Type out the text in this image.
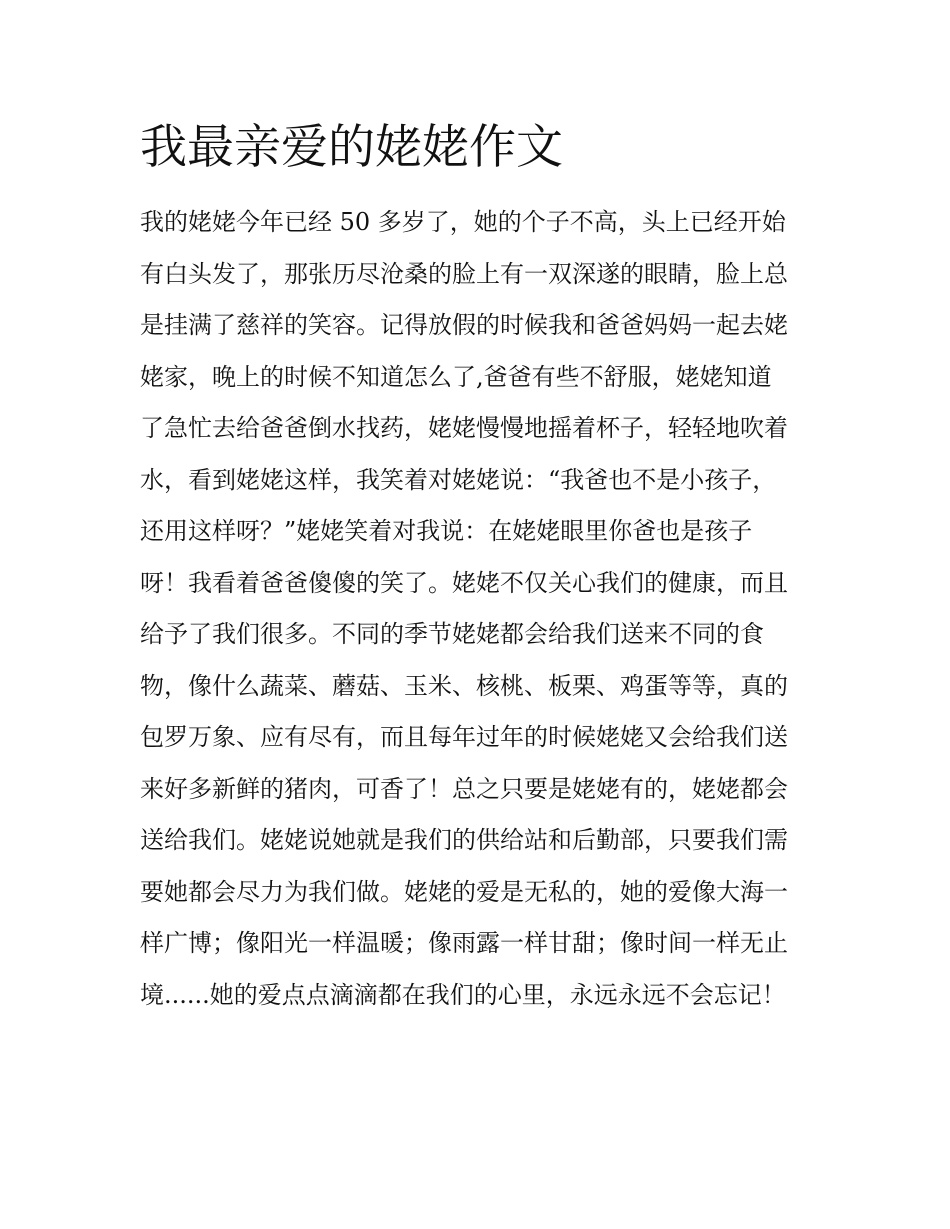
我最亲爱的姥姥作文
我的姥姥今年已经 50 多岁了，她的个子不高，头上已经开始
有白头发了，那张历尽沧桑的脸上有一双深遂的眼睛，脸上总
是挂满了慈祥的笑容。记得放假的时候我和爸爸妈妈一起去姥
姥家，晚上的时候不知道怎么了,爸爸有些不舒服，姥姥知道
了急忙去给爸爸倒水找药，姥姥慢慢地摇着杯子，轻轻地吹着
水，看到姥姥这样，我笑着对姥姥说：“我爸也不是小孩子，
还用这样呀？”姥姥笑着对我说：在姥姥眼里你爸也是孩子
呀！我看着爸爸傻傻的笑了。姥姥不仅关心我们的健康，而且
给予了我们很多。不同的季节姥姥都会给我们送来不同的食
物，像什么蔬菜、蘑菇、玉米、核桃、板栗、鸡蛋等等，真的
包罗万象、应有尽有，而且每年过年的时候姥姥又会给我们送
来好多新鲜的猪肉，可香了！总之只要是姥姥有的，姥姥都会
送给我们。姥姥说她就是我们的供给站和后勤部，只要我们需
要她都会尽力为我们做。姥姥的爱是无私的，她的爱像大海一
样广博；像阳光一样温暖；像雨露一样甘甜；像时间一样无止
境......她的爱点点滴滴都在我们的心里，永远永远不会忘记！
